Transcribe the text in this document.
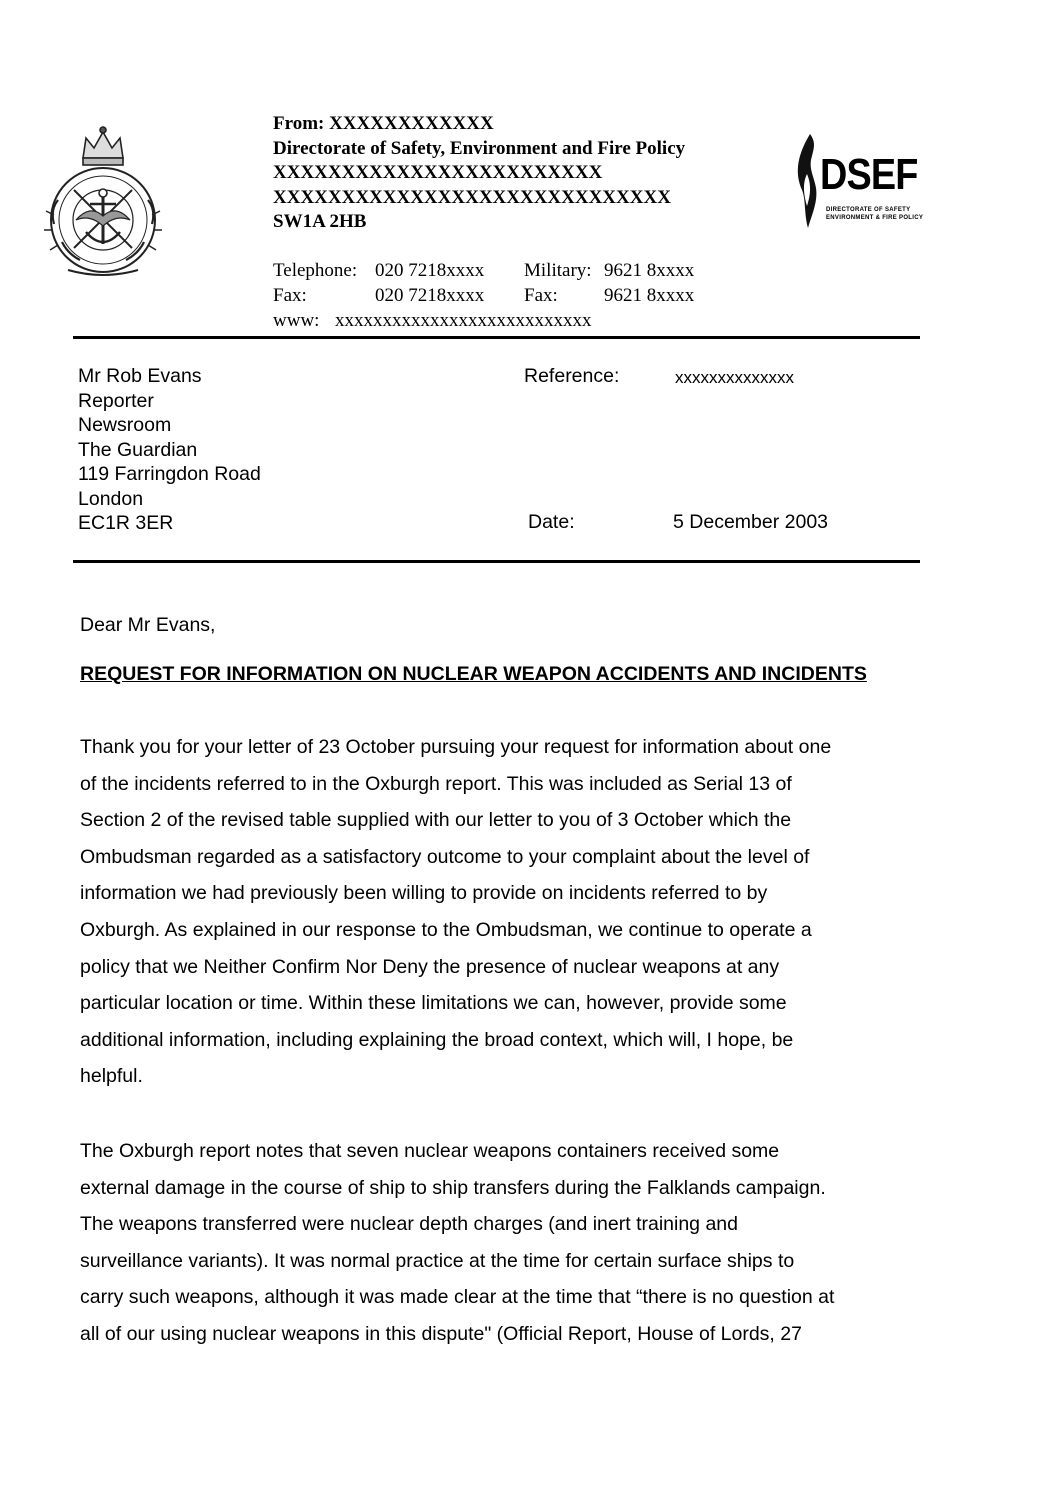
From: XXXXXXXXXXXX
Directorate of Safety, Environment and Fire Policy
XXXXXXXXXXXXXXXXXXXXXXXX
XXXXXXXXXXXXXXXXXXXXXXXXXXXXX
SW1A 2HB
Telephone: 020 7218xxxx Military: 9621 8xxxx
Fax:	020 7218xxxx Fax: 9621 8xxxx
www: xxxxxxxxxxxxxxxxxxxxxxxxxxx
DSEF
DIRECTORATE OF SAFETY
ENVIRONMENT & FIRE POLICY
Mr Rob Evans
Reporter
Newsroom
The Guardian
119 Farringdon Road
London
EC1R 3ER
Reference:	xxxxxxxxxxxxxx
Date:	5 December 2003
Dear Mr Evans,
REQUEST FOR INFORMATION ON NUCLEAR WEAPON ACCIDENTS AND INCIDENTS
Thank you for your letter of 23 October pursuing your request for information about one
of the incidents referred to in the Oxburgh report. This was included as Serial 13 of
Section 2 of the revised table supplied with our letter to you of 3 October which the
Ombudsman regarded as a satisfactory outcome to your complaint about the level of
information we had previously been willing to provide on incidents referred to by
Oxburgh. As explained in our response to the Ombudsman, we continue to operate a
policy that we Neither Confirm Nor Deny the presence of nuclear weapons at any
particular location or time. Within these limitations we can, however, provide some
additional information, including explaining the broad context, which will, I hope, be
helpful.
The Oxburgh report notes that seven nuclear weapons containers received some
external damage in the course of ship to ship transfers during the Falklands campaign.
The weapons transferred were nuclear depth charges (and inert training and
surveillance variants). It was normal practice at the time for certain surface ships to
carry such weapons, although it was made clear at the time that “there is no question at
all of our using nuclear weapons in this dispute" (Official Report, House of Lords, 27
